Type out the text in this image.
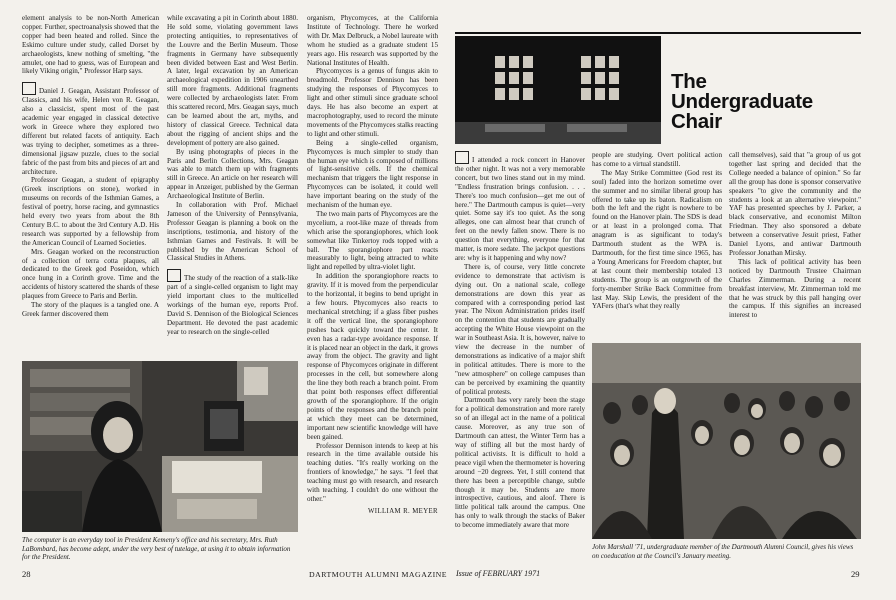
element analysis to be non-North American copper. Further, spectroanalysis showed that the copper had been heated and rolled. Since the Eskimo culture under study, called Dorset by archaeologists, knew nothing of smelting, "the amulet, one had to guess, was of European and likely Viking origin," Professor Harp says.

Daniel J. Geagan, Assistant Professor of Classics, and his wife, Helen von R. Geagan, also a classicist, spent most of the past academic year engaged in classical detective work in Greece where they explored two different but related facets of antiquity. Each was trying to decipher, sometimes as a three-dimensional jigsaw puzzle, clues to the social fabric of the past from bits and pieces of art and architecture.

Professor Geagan, a student of epigraphy (Greek inscriptions on stone), worked in museums on records of the Isthmian Games, a festival of poetry, horse racing, and gymnastics held every two years from about the 8th Century B.C. to about the 3rd Century A.D. His research was supported by a fellowship from the American Council of Learned Societies.

Mrs. Geagan worked on the reconstruction of a collection of terra cotta plaques, all dedicated to the Greek god Poseidon, which once hung in a Corinth grove. Time and the accidents of history scattered the shards of these plaques from Greece to Paris and Berlin.

The story of the plaques is a tangled one. A Greek farmer discovered them

while excavating a pit in Corinth about 1880. He sold some, violating government laws protecting antiquities, to representatives of the Louvre and the Berlin Museum. Those fragments in Germany have subsequently been divided between East and West Berlin. A later, legal excavation by an American archaeological expedition in 1906 unearthed still more fragments. Additional fragments were collected by archaeologists later. From this scattered record, Mrs. Geagan says, much can be learned about the art, myths, and history of classical Greece. Technical data about the rigging of ancient ships and the development of pottery are also gained.

By using photographs of pieces in the Paris and Berlin Collections, Mrs. Geagan was able to match them up with fragments still in Greece. An article on her research will appear in Anzeiger, published by the German Archaeological Institute of Berlin.

In collaboration with Prof. Michael Jameson of the University of Pennsylvania, Professor Geagan is planning a book on the inscriptions, testimonia, and history of the Isthmian Games and Festivals. It will be published by the American School of Classical Studies in Athens.

The study of the reaction of a stalk-like part of a single-celled organism to light may yield important clues to the multicelled workings of the human eye, reports Prof. David S. Dennison of the Biological Sciences Department. He devoted the past academic year to research on the single-celled

organism, Phycomyces, at the California Institute of Technology. There he worked with Dr. Max Delbruck, a Nobel laureate with whom he studied as a graduate student 15 years ago. His research was supported by the National Institutes of Health.

Phycomyces is a genus of fungus akin to breadmold. Professor Dennison has been studying the responses of Phycomyces to light and other stimuli since graduate school days. He has also become an expert at macrophotography, used to record the minute movements of the Phycomyces stalks reacting to light and other stimuli.

Being a single-celled organism, Phycomyces is much simpler to study than the human eye which is composed of millions of light-sensitive cells. If the chemical mechanism that triggers the light response in Phycomyces can be isolated, it could well have important bearing on the study of the mechanism of the human eye.

The two main parts of Phycomyces are the mycelium, a root-like maze of threads from which arise the sporangiophores, which look somewhat like Tinkertoy rods topped with a ball. The sporangiophore part reacts measurably to light, being attracted to white light and repelled by ultra-violet light.

In addition the sporangiophore reacts to gravity. If it is moved from the perpendicular to the horizontal, it begins to bend upright in a few hours. Phycomyces also reacts to mechanical stretching; if a glass fiber pushes it off the vertical line, the sporangiophore pushes back quickly toward the center. It even has a radar-type avoidance response. If it is placed near an object in the dark, it grows away from the object. The gravity and light response of Phycomyces originate in different processes in the cell, but somewhere along the line they both reach a branch point. From that point both responses effect differential growth of the sporangiophore. If the origin points of the responses and the branch point at which they meet can be determined, important new scientific knowledge will have been gained.

Professor Dennison intends to keep at his research in the time available outside his teaching duties. "It's really working on the frontiers of knowledge," he says. "I feel that teaching must go with research, and research with teaching. I couldn't do one without the other."

WILLIAM R. MEYER

The computer is an everyday tool in President Kemeny's office and his secretary, Mrs. Ruth LaBombard, has become adept, under the very best of tutelage, at using it to obtain information for the President.
28	DARTMOUTH ALUMNI MAGAZINE
The
Undergraduate
Chair

I attended a rock concert in Hanover the other night. It was not a very memorable concert, but two lines stand out in my mind. "Endless frustration brings confusion. . . . There's too much confusion—get me out of here." The Dartmouth campus is quiet—very quiet. Some say it's too quiet. As the song alleges, one can almost hear that crunch of feet on the newly fallen snow. There is no question that everything, everyone for that matter, is more sedate. The jackpot questions are: why is it happening and why now?

There is, of course, very little concrete evidence to demonstrate that activism is dying out. On a national scale, college demonstrations are down this year as compared with a corresponding period last year. The Nixon Administration prides itself on the contention that students are gradually accepting the White House viewpoint on the war in Southeast Asia. It is, however, naive to view the decrease in the number of demonstrations as indicative of a major shift in political attitudes. There is more to the "new atmosphere" on college campuses than can be perceived by examining the quantity of political protests.

Dartmouth has very rarely been the stage for a political demonstration and more rarely so of an illegal act in the name of a political cause. Moreover, as any true son of Dartmouth can attest, the Winter Term has a way of stifling all but the most hardy of political activists. It is difficult to hold a peace vigil when the thermometer is hovering around −20 degrees. Yet, I still contend that there has been a perceptible change, subtle though it may be. Students are more introspective, cautious, and aloof. There is little political talk around the campus. One has only to walk through the stacks of Baker to become immediately aware that more

people are studying. Overt political action has come to a virtual standstill.

The May Strike Committee (God rest its soul) faded into the horizon sometime over the summer and no similar liberal group has offered to take up its baton. Radicalism on both the left and the right is nowhere to be found on the Hanover plain. The SDS is dead or at least in a prolonged coma. That anagram is as significant to today's Dartmouth student as the WPA is. Dartmouth, for the first time since 1965, has a Young Americans for Freedom chapter, but at last count their membership totaled 13 students. The group is an outgrowth of the forty-member Strike Back Committee from last May. Skip Lewis, the president of the YAFers (that's what they really

call themselves), said that "a group of us got together last spring and decided that the College needed a balance of opinion." So far all the group has done is sponsor conservative speakers "to give the community and the students a look at an alternative viewpoint." YAF has presented speeches by J. Parker, a black conservative, and economist Milton Friedman. They also sponsored a debate between a conservative Jesuit priest, Father Daniel Lyons, and antiwar Dartmouth Professor Jonathan Mirsky.

This lack of political activity has been noticed by Dartmouth Trustee Chairman Charles Zimmerman. During a recent breakfast interview, Mr. Zimmerman told me that he was struck by this pall hanging over the campus. If this signifies an increased interest to

John Marshall '71, undergraduate member of the Dartmouth Alumni Council, gives his views on coeducation at the Council's January meeting.
Issue of FEBRUARY 1971	29
